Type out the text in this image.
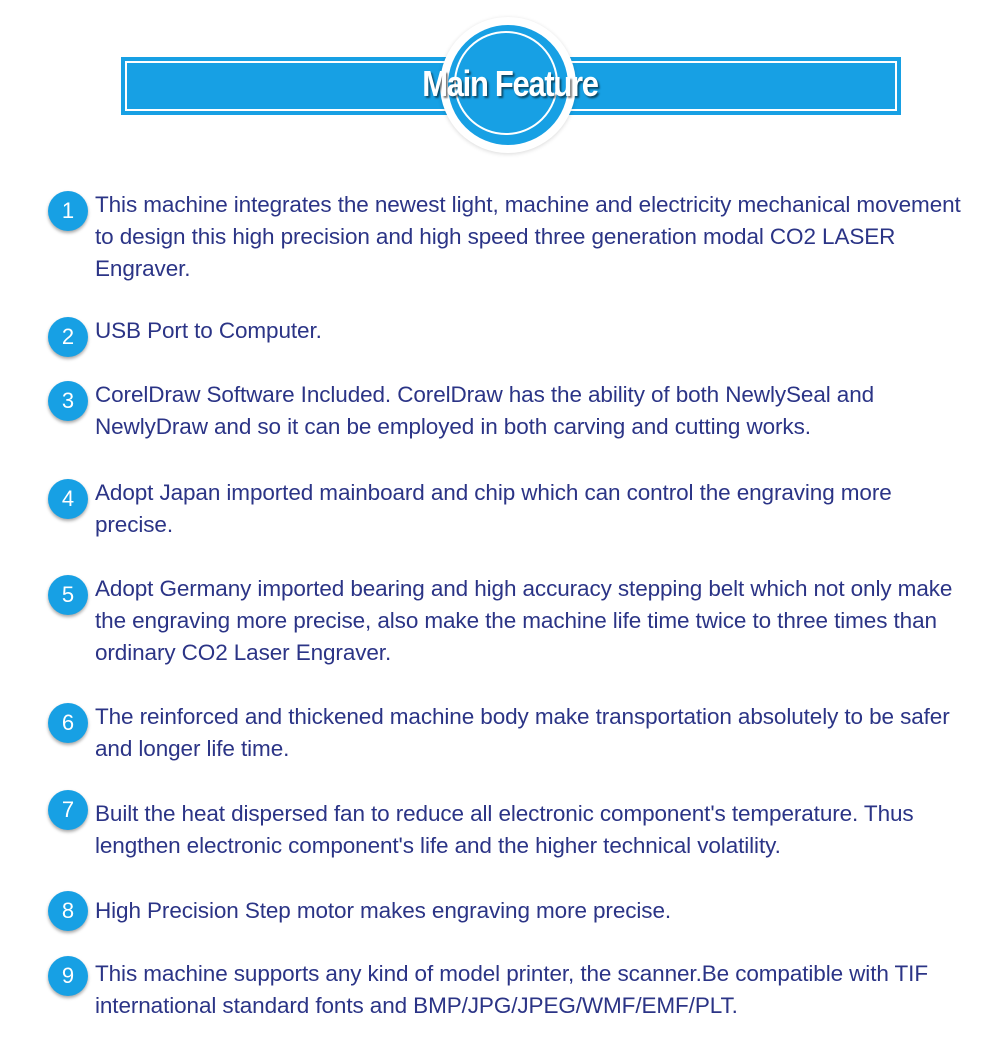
Main Feature
1 This machine integrates the newest light, machine and electricity mechanical movement to design this high precision and high speed three generation modal CO2 LASER Engraver.
2 USB Port to Computer.
3 CorelDraw Software Included. CorelDraw has the ability of both NewlySeal and NewlyDraw and so it can be employed in both carving and cutting works.
4 Adopt Japan imported mainboard and chip which can control the engraving more precise.
5 Adopt Germany imported bearing and high accuracy stepping belt which not only make the engraving more precise, also make the machine life time twice to three times than ordinary CO2 Laser Engraver.
6 The reinforced and thickened machine body make transportation absolutely to be safer and longer life time.
7 Built the heat dispersed fan to reduce all electronic component's temperature. Thus lengthen electronic component's life and the higher technical volatility.
8 High Precision Step motor makes engraving more precise.
9 This machine supports any kind of model printer, the scanner.Be compatible with TIF international standard fonts and BMP/JPG/JPEG/WMF/EMF/PLT.
